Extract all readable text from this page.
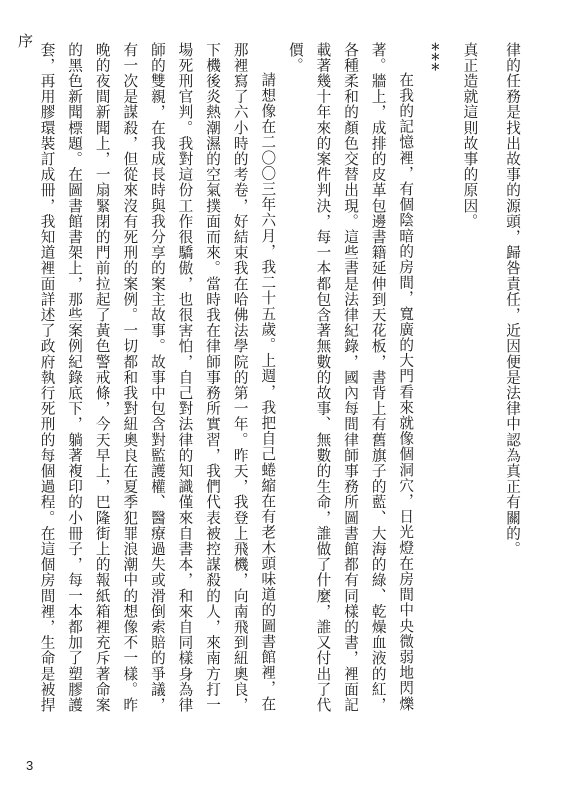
序

律的任務是找出故事的源頭，歸咎責任，近因便是法律中認為真正有關的。

真正造就這則故事的原因。

＊＊＊

在我的記憶裡，有個陰暗的房間，寬廣的大門看來就像個洞穴，日光燈在房間中央微弱地閃爍著。牆上，成排的皮革包邊書籍延伸到天花板，書背上有舊旗子的藍、大海的綠、乾燥血液的紅，各種柔和的顏色交替出現。這些書是法律紀錄，國內每間律師事務所圖書館都有同樣的書，裡面記載著幾十年來的案件判決，每一本都包含著無數的故事、無數的生命，誰做了什麼，誰又付出了代價。

請想像在二〇〇三年六月，我二十五歲。上週，我把自己蜷縮在有老木頭味道的圖書館裡，在那裡寫了六小時的考卷，好結束我在哈佛法學院的第一年。昨天，我登上飛機，向南飛到紐奧良，下機後炎熱潮濕的空氣撲面而來。當時我在律師事務所實習，我們代表被控謀殺的人，來南方打一場死刑官判。我對這份工作很驕傲，也很害怕，自己對法律的知識僅來自書本，和來自同樣身為律師的雙親，在我成長時與我分享的案主故事。故事中包含對監護權、醫療過失或滑倒索賠的爭議，有一次是謀殺，但從來沒有死刑的案例。一切都和我對紐奧良在夏季犯罪浪潮中的想像不一樣。昨晚的夜間新聞上，一扇緊閉的門前拉起了黃色警戒條，今天早上，巴隆街上的報紙箱裡充斥著命案的黑色新聞標題。在圖書館書架上，那些案例紀錄底下，躺著複印的小冊子，每一本都加了塑膠護套，再用膠環裝訂成冊，我知道裡面詳述了政府執行死刑的每個過程。在這個房間裡，生命是被捍

3
